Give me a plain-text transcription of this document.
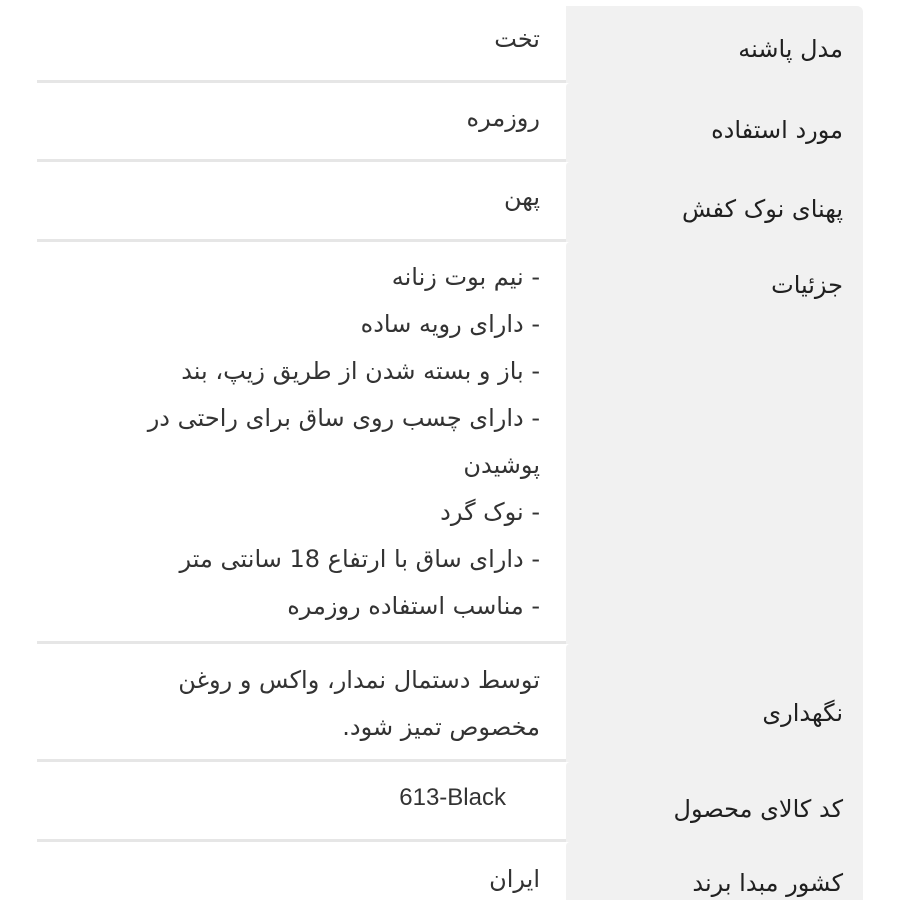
مدل پاشنه
تخت
مورد استفاده
روزمره
پهنای نوک کفش
پهن
جزئیات
- نیم بوت زنانه
- دارای رویه ساده
- باز و بسته شدن از طریق زیپ، بند
- دارای چسب روی ساق برای راحتی در
پوشیدن
- نوک گرد
- دارای ساق با ارتفاع 18 سانتی متر
- مناسب استفاده روزمره
نگهداری
توسط دستمال نمدار، واکس و روغن
مخصوص تمیز شود.
کد کالای محصول
613-Black
کشور مبدا برند
ایران
